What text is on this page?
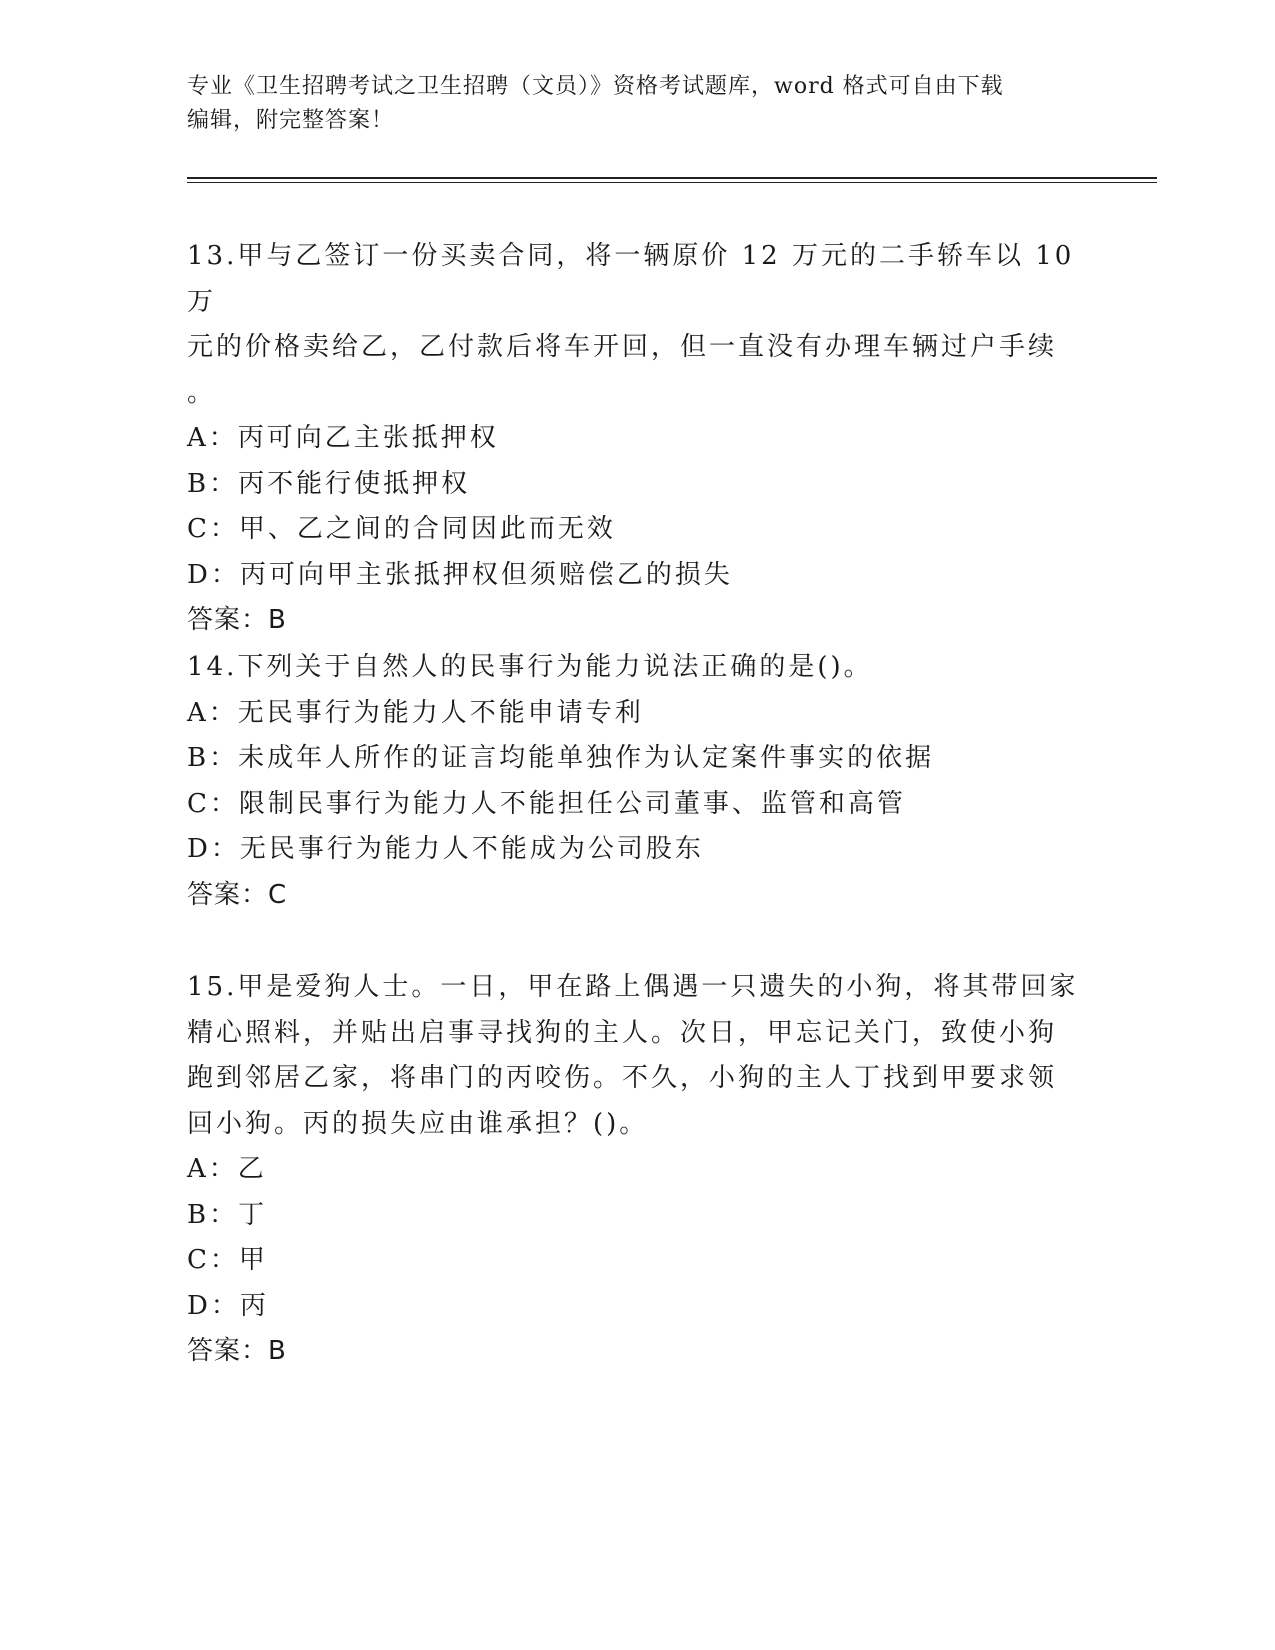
专业《卫生招聘考试之卫生招聘（文员）》资格考试题库，word 格式可自由下载
编辑，附完整答案！

13.甲与乙签订一份买卖合同，将一辆原价 12 万元的二手轿车以 10 万

元的价格卖给乙，乙付款后将车开回，但一直没有办理车辆过户手续

。

A： 丙可向乙主张抵押权

B： 丙不能行使抵押权

C： 甲、乙之间的合同因此而无效

D： 丙可向甲主张抵押权但须赔偿乙的损失

答案：B

14.下列关于自然人的民事行为能力说法正确的是()。

A： 无民事行为能力人不能申请专利

B： 未成年人所作的证言均能单独作为认定案件事实的依据

C： 限制民事行为能力人不能担任公司董事、监管和高管

D： 无民事行为能力人不能成为公司股东

答案：C

15.甲是爱狗人士。一日，甲在路上偶遇一只遗失的小狗，将其带回家

精心照料，并贴出启事寻找狗的主人。次日，甲忘记关门，致使小狗

跑到邻居乙家，将串门的丙咬伤。不久，小狗的主人丁找到甲要求领

回小狗。丙的损失应由谁承担？()。

A： 乙

B： 丁

C： 甲

D： 丙

答案：B
